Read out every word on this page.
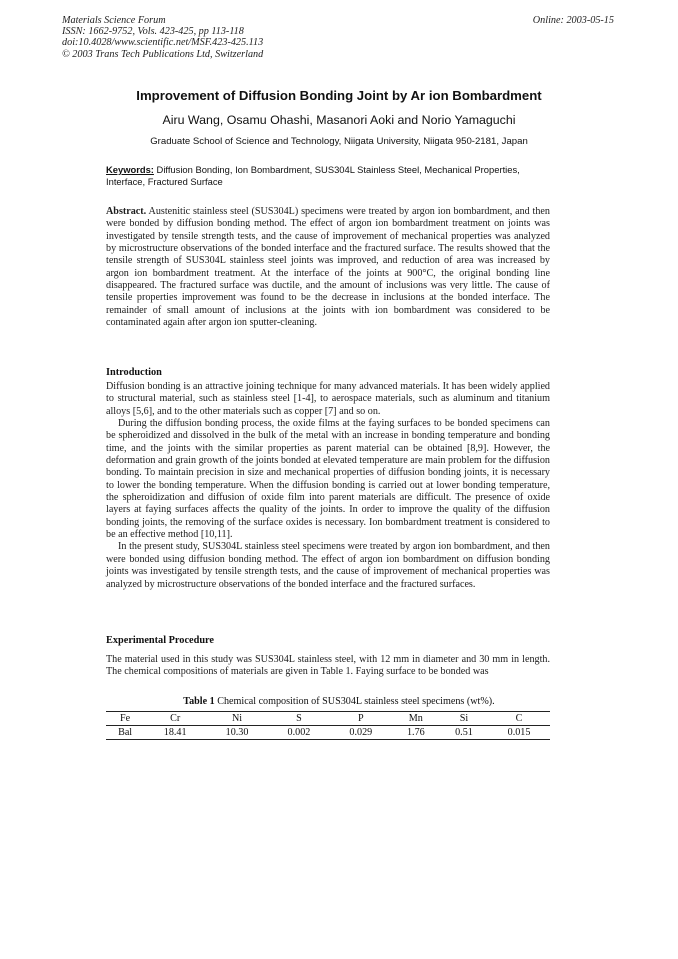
Materials Science Forum
ISSN: 1662-9752, Vols. 423-425, pp 113-118
doi:10.4028/www.scientific.net/MSF.423-425.113
© 2003 Trans Tech Publications Ltd, Switzerland
Online: 2003-05-15
Improvement of Diffusion Bonding Joint by Ar ion Bombardment
Airu Wang, Osamu Ohashi, Masanori Aoki and Norio Yamaguchi
Graduate School of Science and Technology, Niigata University, Niigata 950-2181, Japan
Keywords: Diffusion Bonding, Ion Bombardment, SUS304L Stainless Steel, Mechanical Properties, Interface, Fractured Surface
Abstract. Austenitic stainless steel (SUS304L) specimens were treated by argon ion bombardment, and then were bonded by diffusion bonding method. The effect of argon ion bombardment treatment on joints was investigated by tensile strength tests, and the cause of improvement of mechanical properties was analyzed by microstructure observations of the bonded interface and the fractured surface. The results showed that the tensile strength of SUS304L stainless steel joints was improved, and reduction of area was increased by argon ion bombardment treatment. At the interface of the joints at 900°C, the original bonding line disappeared. The fractured surface was ductile, and the amount of inclusions was very little. The cause of tensile properties improvement was found to be the decrease in inclusions at the bonded interface. The remainder of small amount of inclusions at the joints with ion bombardment was considered to be contaminated again after argon ion sputter-cleaning.
Introduction

Diffusion bonding is an attractive joining technique for many advanced materials. It has been widely applied to structural material, such as stainless steel [1-4], to aerospace materials, such as aluminum and titanium alloys [5,6], and to the other materials such as copper [7] and so on.

During the diffusion bonding process, the oxide films at the faying surfaces to be bonded specimens can be spheroidized and dissolved in the bulk of the metal with an increase in bonding temperature and bonding time, and the joints with the similar properties as parent material can be obtained [8,9]. However, the deformation and grain growth of the joints bonded at elevated temperature are main problem for the diffusion bonding. To maintain precision in size and mechanical properties of diffusion bonding joints, it is necessary to lower the bonding temperature. When the diffusion bonding is carried out at lower bonding temperature, the spheroidization and diffusion of oxide film into parent materials are difficult. The presence of oxide layers at faying surfaces affects the quality of the joints. In order to improve the quality of the diffusion bonding joints, the removing of the surface oxides is necessary. Ion bombardment treatment is considered to be an effective method [10,11].

In the present study, SUS304L stainless steel specimens were treated by argon ion bombardment, and then were bonded using diffusion bonding method. The effect of argon ion bombardment on diffusion bonding joints was investigated by tensile strength tests, and the cause of improvement of mechanical properties was analyzed by microstructure observations of the bonded interface and the fractured surfaces.

Experimental Procedure

The material used in this study was SUS304L stainless steel, with 12 mm in diameter and 30 mm in length. The chemical compositions of materials are given in Table 1. Faying surface to be bonded was

Table 1 Chemical composition of SUS304L stainless steel specimens (wt%).
Fe	Cr	Ni	S	P	Mn	Si	C
Bal	18.41	10.30	0.002	0.029	1.76	0.51	0.015
